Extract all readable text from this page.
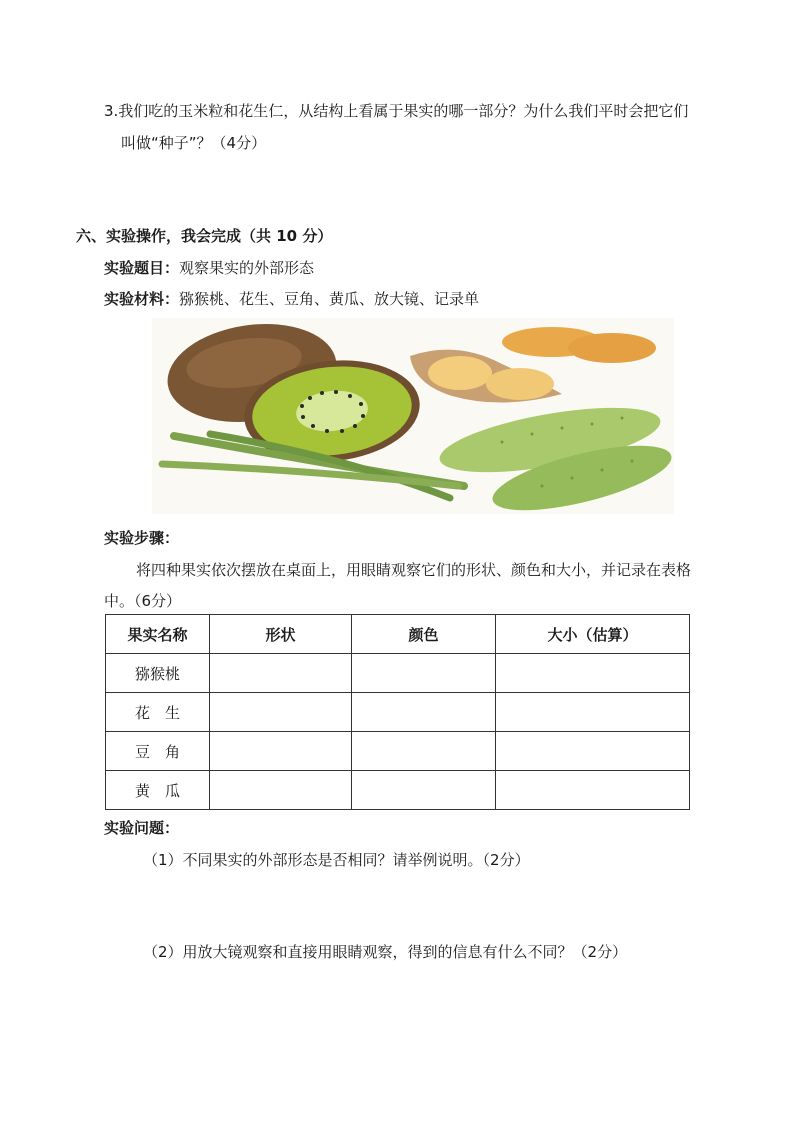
3.我们吃的玉米粒和花生仁，从结构上看属于果实的哪一部分？为什么我们平时会把它们
叫做“种子”？（4分）
六、实验操作，我会完成（共 10 分）
实验题目：观察果实的外部形态
实验材料：猕猴桃、花生、豆角、黄瓜、放大镜、记录单
实验步骤：
将四种果实依次摆放在桌面上，用眼睛观察它们的形状、颜色和大小，并记录在表格
中。（6分）
果实名称	形状	颜色	大小（估算）
猕猴桃			
花　生			
豆　角			
黄　瓜			
实验问题：
（1）不同果实的外部形态是否相同？请举例说明。（2分）
（2）用放大镜观察和直接用眼睛观察，得到的信息有什么不同？（2分）
